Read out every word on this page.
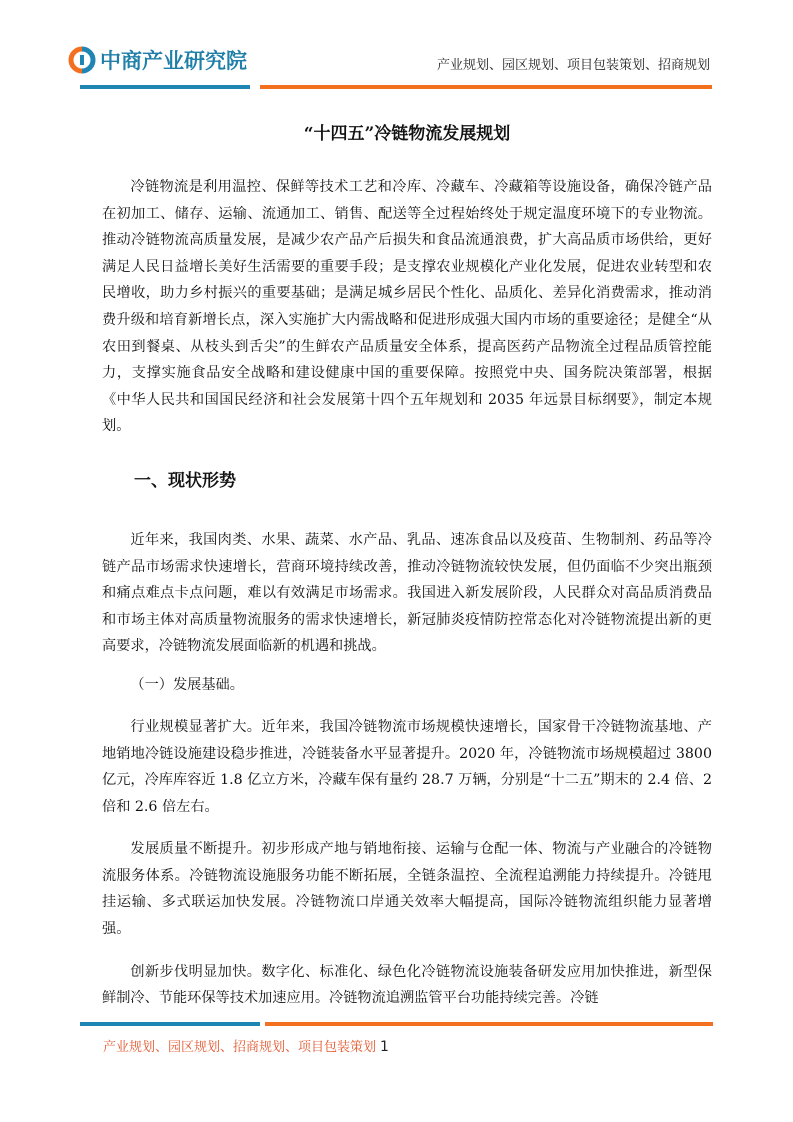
中商产业研究院	产业规划、园区规划、项目包装策划、招商规划
“十四五”冷链物流发展规划

冷链物流是利用温控、保鲜等技术工艺和冷库、冷藏车、冷藏箱等设施设备，确保冷链产品在初加工、储存、运输、流通加工、销售、配送等全过程始终处于规定温度环境下的专业物流。推动冷链物流高质量发展，是减少农产品产后损失和食品流通浪费，扩大高品质市场供给，更好满足人民日益增长美好生活需要的重要手段；是支撑农业规模化产业化发展，促进农业转型和农民增收，助力乡村振兴的重要基础；是满足城乡居民个性化、品质化、差异化消费需求，推动消费升级和培育新增长点，深入实施扩大内需战略和促进形成强大国内市场的重要途径；是健全“从农田到餐桌、从枝头到舌尖”的生鲜农产品质量安全体系，提高医药产品物流全过程品质管控能力，支撑实施食品安全战略和建设健康中国的重要保障。按照党中央、国务院决策部署，根据《中华人民共和国国民经济和社会发展第十四个五年规划和 2035 年远景目标纲要》，制定本规划。

一、现状形势

近年来，我国肉类、水果、蔬菜、水产品、乳品、速冻食品以及疫苗、生物制剂、药品等冷链产品市场需求快速增长，营商环境持续改善，推动冷链物流较快发展，但仍面临不少突出瓶颈和痛点难点卡点问题，难以有效满足市场需求。我国进入新发展阶段，人民群众对高品质消费品和市场主体对高质量物流服务的需求快速增长，新冠肺炎疫情防控常态化对冷链物流提出新的更高要求，冷链物流发展面临新的机遇和挑战。

（一）发展基础。

行业规模显著扩大。近年来，我国冷链物流市场规模快速增长，国家骨干冷链物流基地、产地销地冷链设施建设稳步推进，冷链装备水平显著提升。2020 年，冷链物流市场规模超过 3800 亿元，冷库库容近 1.8 亿立方米，冷藏车保有量约 28.7 万辆，分别是“十二五”期末的 2.4 倍、2 倍和 2.6 倍左右。

发展质量不断提升。初步形成产地与销地衔接、运输与仓配一体、物流与产业融合的冷链物流服务体系。冷链物流设施服务功能不断拓展，全链条温控、全流程追溯能力持续提升。冷链甩挂运输、多式联运加快发展。冷链物流口岸通关效率大幅提高，国际冷链物流组织能力显著增强。

创新步伐明显加快。数字化、标准化、绿色化冷链物流设施装备研发应用加快推进，新型保鲜制冷、节能环保等技术加速应用。冷链物流追溯监管平台功能持续完善。冷链

产业规划、园区规划、招商规划、项目包装策划 1
